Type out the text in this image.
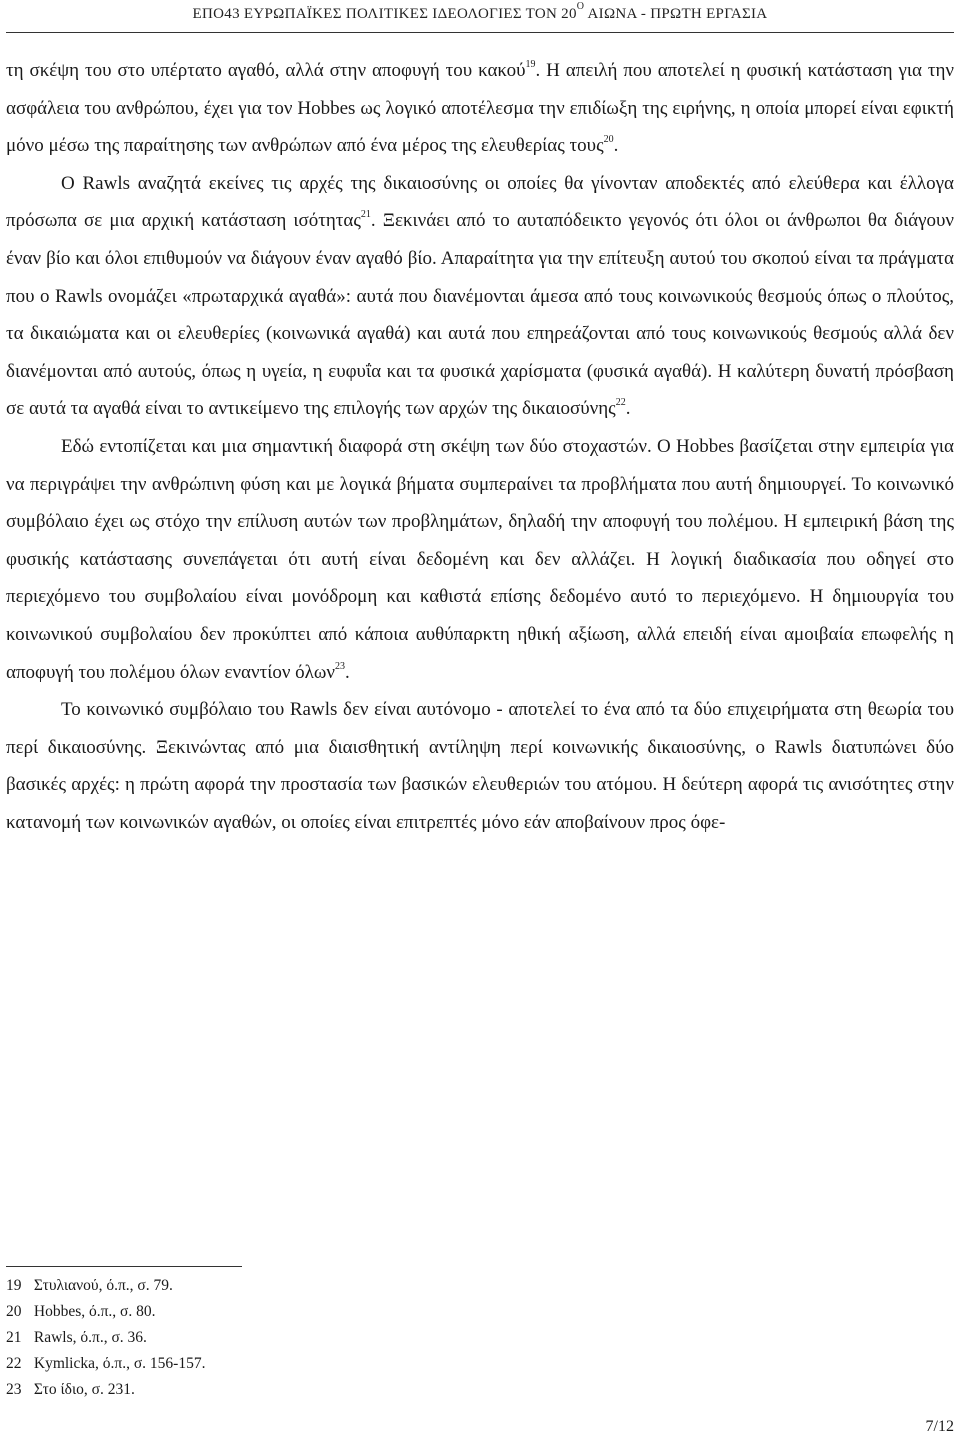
ΕΠΟ43 ΕΥΡΩΠΑΪΚΕΣ ΠΟΛΙΤΙΚΕΣ ΙΔΕΟΛΟΓΙΕΣ ΤΟΝ $20^O$ ΑΙΩΝΑ - ΠΡΩΤΗ ΕΡΓΑΣΙΑ

τη σκέψη του στο υπέρτατο αγαθό, αλλά στην αποφυγή του κακού$^{19}$. Η απειλή που αποτελεί η φυσική κατάσταση για την ασφάλεια του ανθρώπου, έχει για τον Hobbes ως λογικό αποτέλεσμα την επιδίωξη της ειρήνης, η οποία μπορεί είναι εφικτή μόνο μέσω της παραίτησης των ανθρώπων από ένα μέρος της ελευθερίας τους$^{20}$.

Ο Rawls αναζητά εκείνες τις αρχές της δικαιοσύνης οι οποίες θα γίνονταν αποδεκτές από ελεύθερα και έλλογα πρόσωπα σε μια αρχική κατάσταση ισότητας$^{21}$. Ξεκινάει από το αυταπόδεικτο γεγονός ότι όλοι οι άνθρωποι θα διάγουν έναν βίο και όλοι επιθυμούν να διάγουν έναν αγαθό βίο. Απαραίτητα για την επίτευξη αυτού του σκοπού είναι τα πράγματα που ο Rawls ονομάζει «πρωταρχικά αγαθά»: αυτά που διανέμονται άμεσα από τους κοινωνικούς θεσμούς όπως ο πλούτος, τα δικαιώματα και οι ελευθερίες (κοινωνικά αγαθά) και αυτά που επηρεάζονται από τους κοινωνικούς θεσμούς αλλά δεν διανέμονται από αυτούς, όπως η υγεία, η ευφυΐα και τα φυσικά χαρίσματα (φυσικά αγαθά). Η καλύτερη δυνατή πρόσβαση σε αυτά τα αγαθά είναι το αντικείμενο της επιλογής των αρχών της δικαιοσύνης$^{22}$.

Εδώ εντοπίζεται και μια σημαντική διαφορά στη σκέψη των δύο στοχαστών. Ο Hobbes βασίζεται στην εμπειρία για να περιγράψει την ανθρώπινη φύση και με λογικά βήματα συμπεραίνει τα προβλήματα που αυτή δημιουργεί. Το κοινωνικό συμβόλαιο έχει ως στόχο την επίλυση αυτών των προβλημάτων, δηλαδή την αποφυγή του πολέμου. Η εμπειρική βάση της φυσικής κατάστασης συνεπάγεται ότι αυτή είναι δεδομένη και δεν αλλάζει. Η λογική διαδικασία που οδηγεί στο περιεχόμενο του συμβολαίου είναι μονόδρομη και καθιστά επίσης δεδομένο αυτό το περιεχόμενο. Η δημιουργία του κοινωνικού συμβολαίου δεν προκύπτει από κάποια αυθύπαρκτη ηθική αξίωση, αλλά επειδή είναι αμοιβαία επωφελής η αποφυγή του πολέμου όλων εναντίον όλων$^{23}$.

Το κοινωνικό συμβόλαιο του Rawls δεν είναι αυτόνομο - αποτελεί το ένα από τα δύο επιχειρήματα στη θεωρία του περί δικαιοσύνης. Ξεκινώντας από μια διαισθητική αντίληψη περί κοινωνικής δικαιοσύνης, ο Rawls διατυπώνει δύο βασικές αρχές: η πρώτη αφορά την προστασία των βασικών ελευθεριών του ατόμου. Η δεύτερη αφορά τις ανισότητες στην κατανομή των κοινωνικών αγαθών, οι οποίες είναι επιτρεπτές μόνο εάν αποβαίνουν προς όφε-

19 Στυλιανού, ό.π., σ. 79.
20 Hobbes, ό.π., σ. 80.
21 Rawls, ό.π., σ. 36.
22 Kymlicka, ό.π., σ. 156-157.
23 Στο ίδιο, σ. 231.
7/12
